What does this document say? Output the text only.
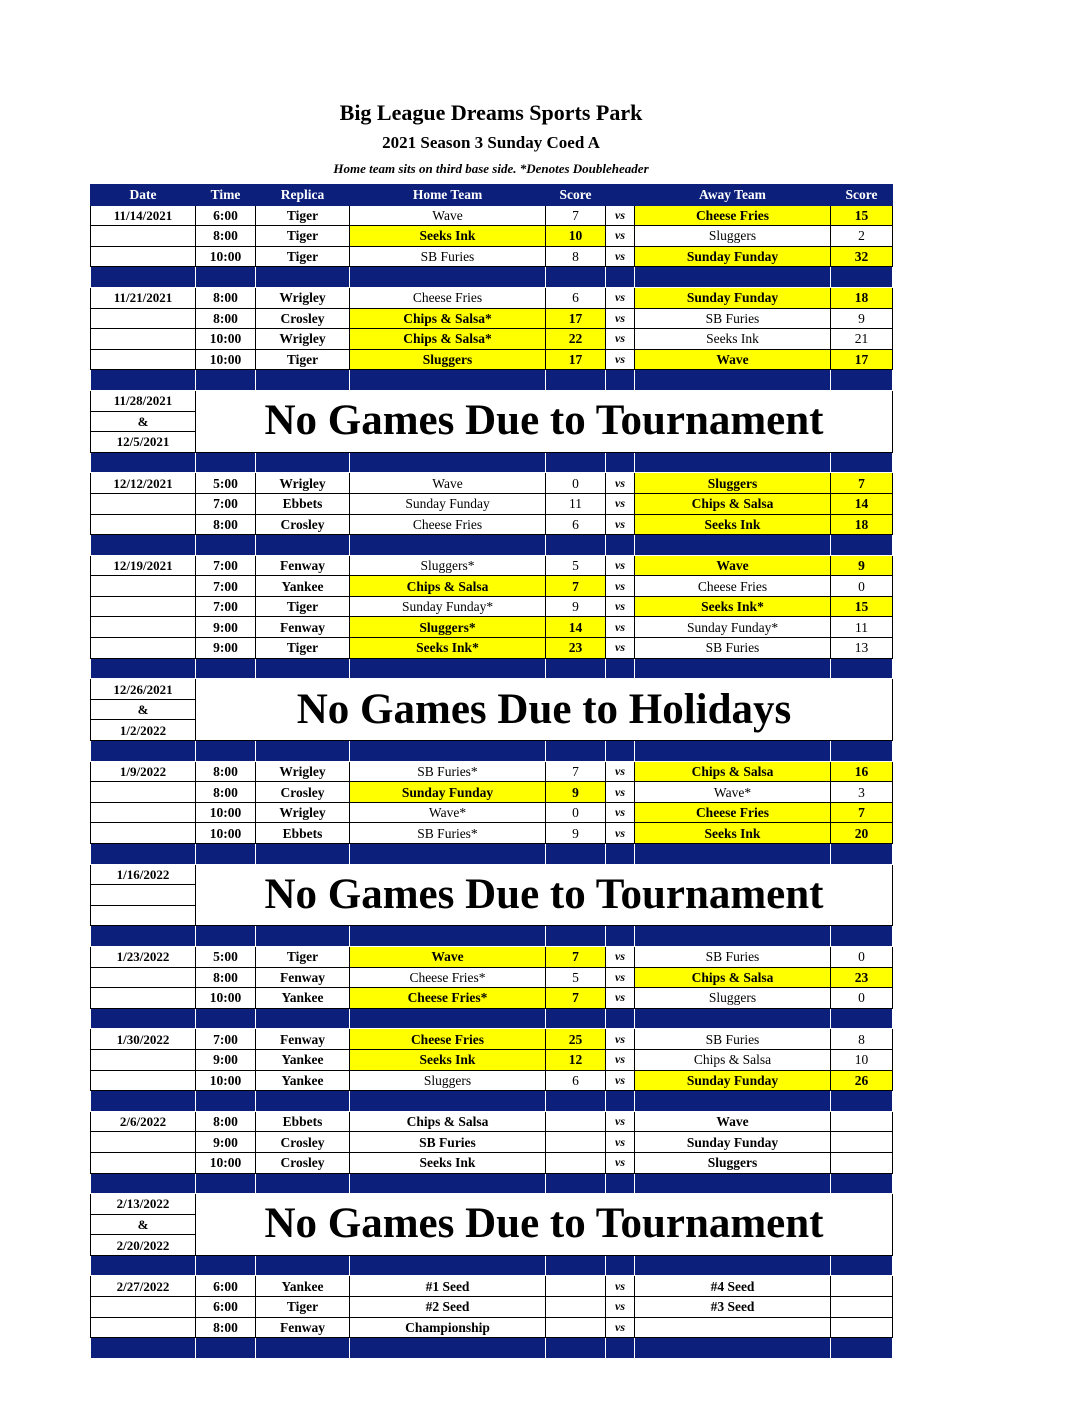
Big League Dreams Sports Park
2021 Season 3 Sunday Coed A
Home team sits on third base side. *Denotes Doubleheader
Date	Time	Replica	Home Team	Score		Away Team	Score
11/14/2021	6:00	Tiger	Wave	7	vs	Cheese Fries	15
	8:00	Tiger	Seeks Ink	10	vs	Sluggers	2
	10:00	Tiger	SB Furies	8	vs	Sunday Funday	32

11/21/2021	8:00	Wrigley	Cheese Fries	6	vs	Sunday Funday	18
	8:00	Crosley	Chips & Salsa*	17	vs	SB Furies	9
	10:00	Wrigley	Chips & Salsa*	22	vs	Seeks Ink	21
	10:00	Tiger	Sluggers	17	vs	Wave	17

11/28/2021	No Games Due to Tournament						
&							
12/5/2021							

12/12/2021	5:00	Wrigley	Wave	0	vs	Sluggers	7
	7:00	Ebbets	Sunday Funday	11	vs	Chips & Salsa	14
	8:00	Crosley	Cheese Fries	6	vs	Seeks Ink	18

12/19/2021	7:00	Fenway	Sluggers*	5	vs	Wave	9
	7:00	Yankee	Chips & Salsa	7	vs	Cheese Fries	0
	7:00	Tiger	Sunday Funday*	9	vs	Seeks Ink*	15
	9:00	Fenway	Sluggers*	14	vs	Sunday Funday*	11
	9:00	Tiger	Seeks Ink*	23	vs	SB Furies	13

12/26/2021	No Games Due to Holidays						
&							
1/2/2022							

1/9/2022	8:00	Wrigley	SB Furies*	7	vs	Chips & Salsa	16
	8:00	Crosley	Sunday Funday	9	vs	Wave*	3
	10:00	Wrigley	Wave*	0	vs	Cheese Fries	7
	10:00	Ebbets	SB Furies*	9	vs	Seeks Ink	20

1/16/2022	No Games Due to Tournament						

1/23/2022	5:00	Tiger	Wave	7	vs	SB Furies	0
	8:00	Fenway	Cheese Fries*	5	vs	Chips & Salsa	23
	10:00	Yankee	Cheese Fries*	7	vs	Sluggers	0

1/30/2022	7:00	Fenway	Cheese Fries	25	vs	SB Furies	8
	9:00	Yankee	Seeks Ink	12	vs	Chips & Salsa	10
	10:00	Yankee	Sluggers	6	vs	Sunday Funday	26

2/6/2022	8:00	Ebbets	Chips & Salsa		vs	Wave	
	9:00	Crosley	SB Furies		vs	Sunday Funday	
	10:00	Crosley	Seeks Ink		vs	Sluggers	

2/13/2022	No Games Due to Tournament						
&							
2/20/2022							

2/27/2022	6:00	Yankee	#1 Seed		vs	#4 Seed	
	6:00	Tiger	#2 Seed		vs	#3 Seed	
	8:00	Fenway	Championship		vs		
